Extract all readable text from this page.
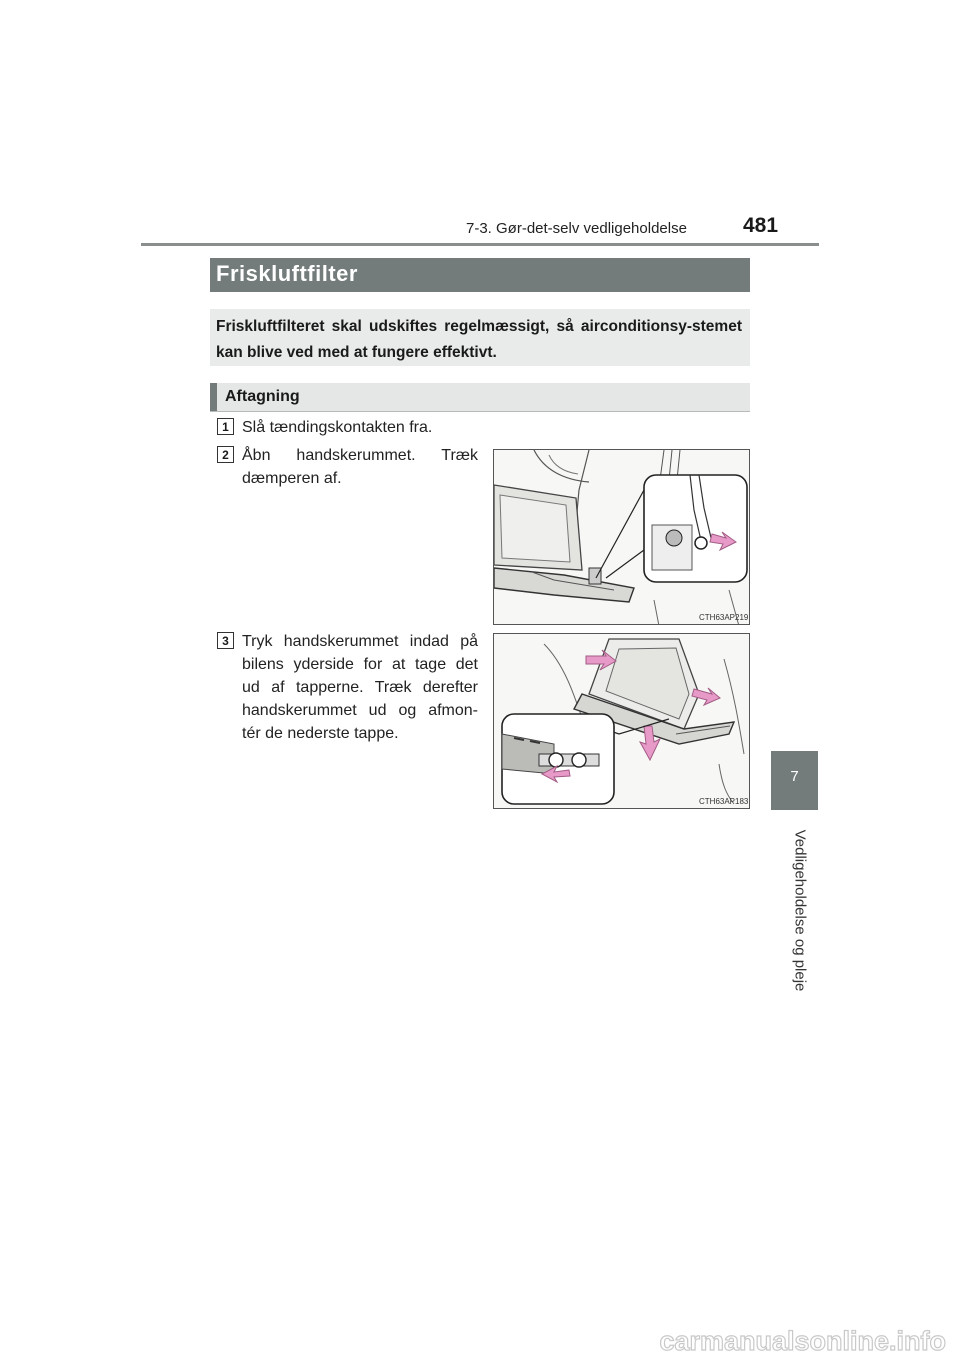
7-3. Gør-det-selv vedligeholdelse	481
Friskluftfilter
Friskluftfilteret skal udskiftes regelmæssigt, så airconditionsy-stemet kan blive ved med at fungere effektivt.
Aftagning
1 Slå tændingskontakten fra.
2 Åbn handskerummet. Træk
dæmperen af.
CTH63AP219
3 Tryk handskerummet indad på
bilens yderside for at tage det
ud af tapperne. Træk derefter
handskerummet ud og afmon-
tér de nederste tappe.
CTH63AP183
7
Vedligeholdelse og pleje
carmanualsonline.info
